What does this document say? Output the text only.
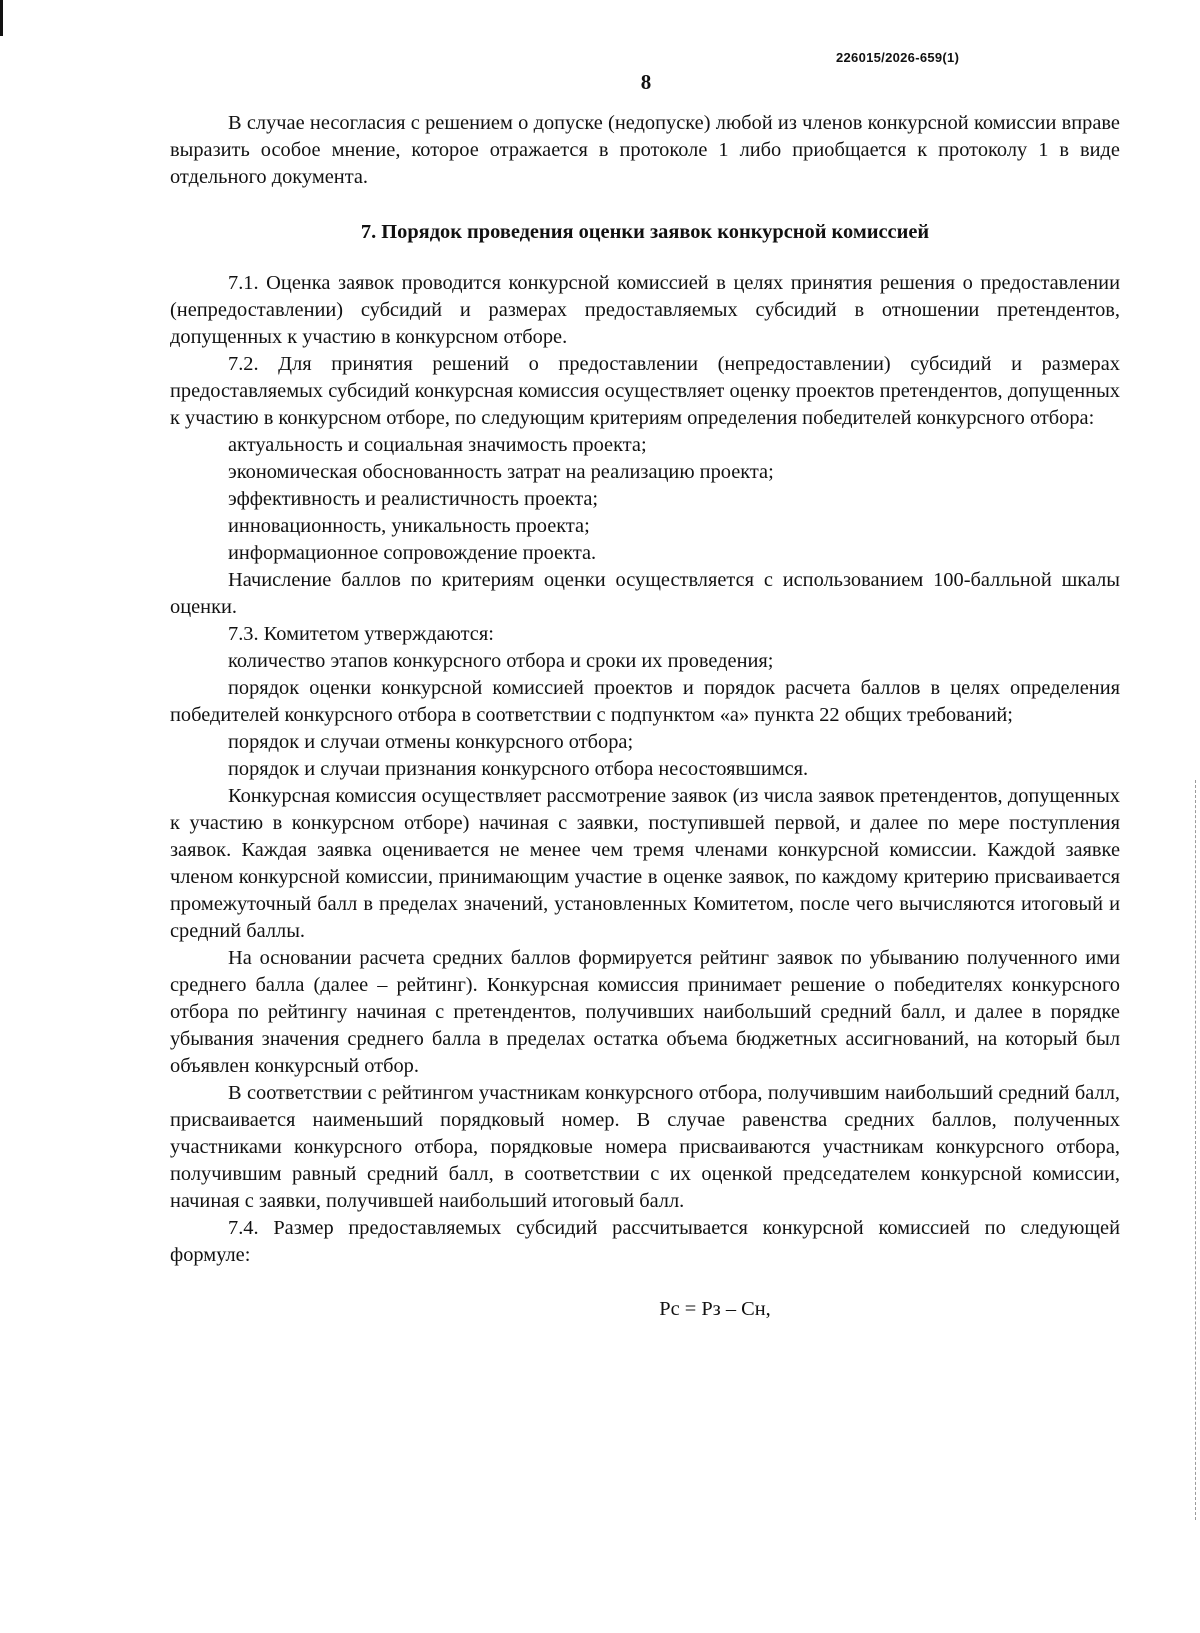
226015/2026-659(1)
8

В случае несогласия с решением о допуске (недопуске) любой из членов конкурсной комиссии вправе выразить особое мнение, которое отражается в протоколе 1 либо приобщается к протоколу 1 в виде отдельного документа.

7. Порядок проведения оценки заявок конкурсной комиссией

7.1. Оценка заявок проводится конкурсной комиссией в целях принятия решения о предоставлении (непредоставлении) субсидий и размерах предоставляемых субсидий в отношении претендентов, допущенных к участию в конкурсном отборе.

7.2. Для принятия решений о предоставлении (непредоставлении) субсидий и размерах предоставляемых субсидий конкурсная комиссия осуществляет оценку проектов претендентов, допущенных к участию в конкурсном отборе, по следующим критериям определения победителей конкурсного отбора:

актуальность и социальная значимость проекта;

экономическая обоснованность затрат на реализацию проекта;

эффективность и реалистичность проекта;

инновационность, уникальность проекта;

информационное сопровождение проекта.

Начисление баллов по критериям оценки осуществляется с использованием 100-балльной шкалы оценки.

7.3. Комитетом утверждаются:

количество этапов конкурсного отбора и сроки их проведения;

порядок оценки конкурсной комиссией проектов и порядок расчета баллов в целях определения победителей конкурсного отбора в соответствии с подпунктом «а» пункта 22 общих требований;

порядок и случаи отмены конкурсного отбора;

порядок и случаи признания конкурсного отбора несостоявшимся.

Конкурсная комиссия осуществляет рассмотрение заявок (из числа заявок претендентов, допущенных к участию в конкурсном отборе) начиная с заявки, поступившей первой, и далее по мере поступления заявок. Каждая заявка оценивается не менее чем тремя членами конкурсной комиссии. Каждой заявке членом конкурсной комиссии, принимающим участие в оценке заявок, по каждому критерию присваивается промежуточный балл в пределах значений, установленных Комитетом, после чего вычисляются итоговый и средний баллы.

На основании расчета средних баллов формируется рейтинг заявок по убыванию полученного ими среднего балла (далее – рейтинг). Конкурсная комиссия принимает решение о победителях конкурсного отбора по рейтингу начиная с претендентов, получивших наибольший средний балл, и далее в порядке убывания значения среднего балла в пределах остатка объема бюджетных ассигнований, на который был объявлен конкурсный отбор.

В соответствии с рейтингом участникам конкурсного отбора, получившим наибольший средний балл, присваивается наименьший порядковый номер. В случае равенства средних баллов, полученных участниками конкурсного отбора, порядковые номера присваиваются участникам конкурсного отбора, получившим равный средний балл, в соответствии с их оценкой председателем конкурсной комиссии, начиная с заявки, получившей наибольший итоговый балл.

7.4. Размер предоставляемых субсидий рассчитывается конкурсной комиссией по следующей формуле:

Рс = Рз – Сн,
